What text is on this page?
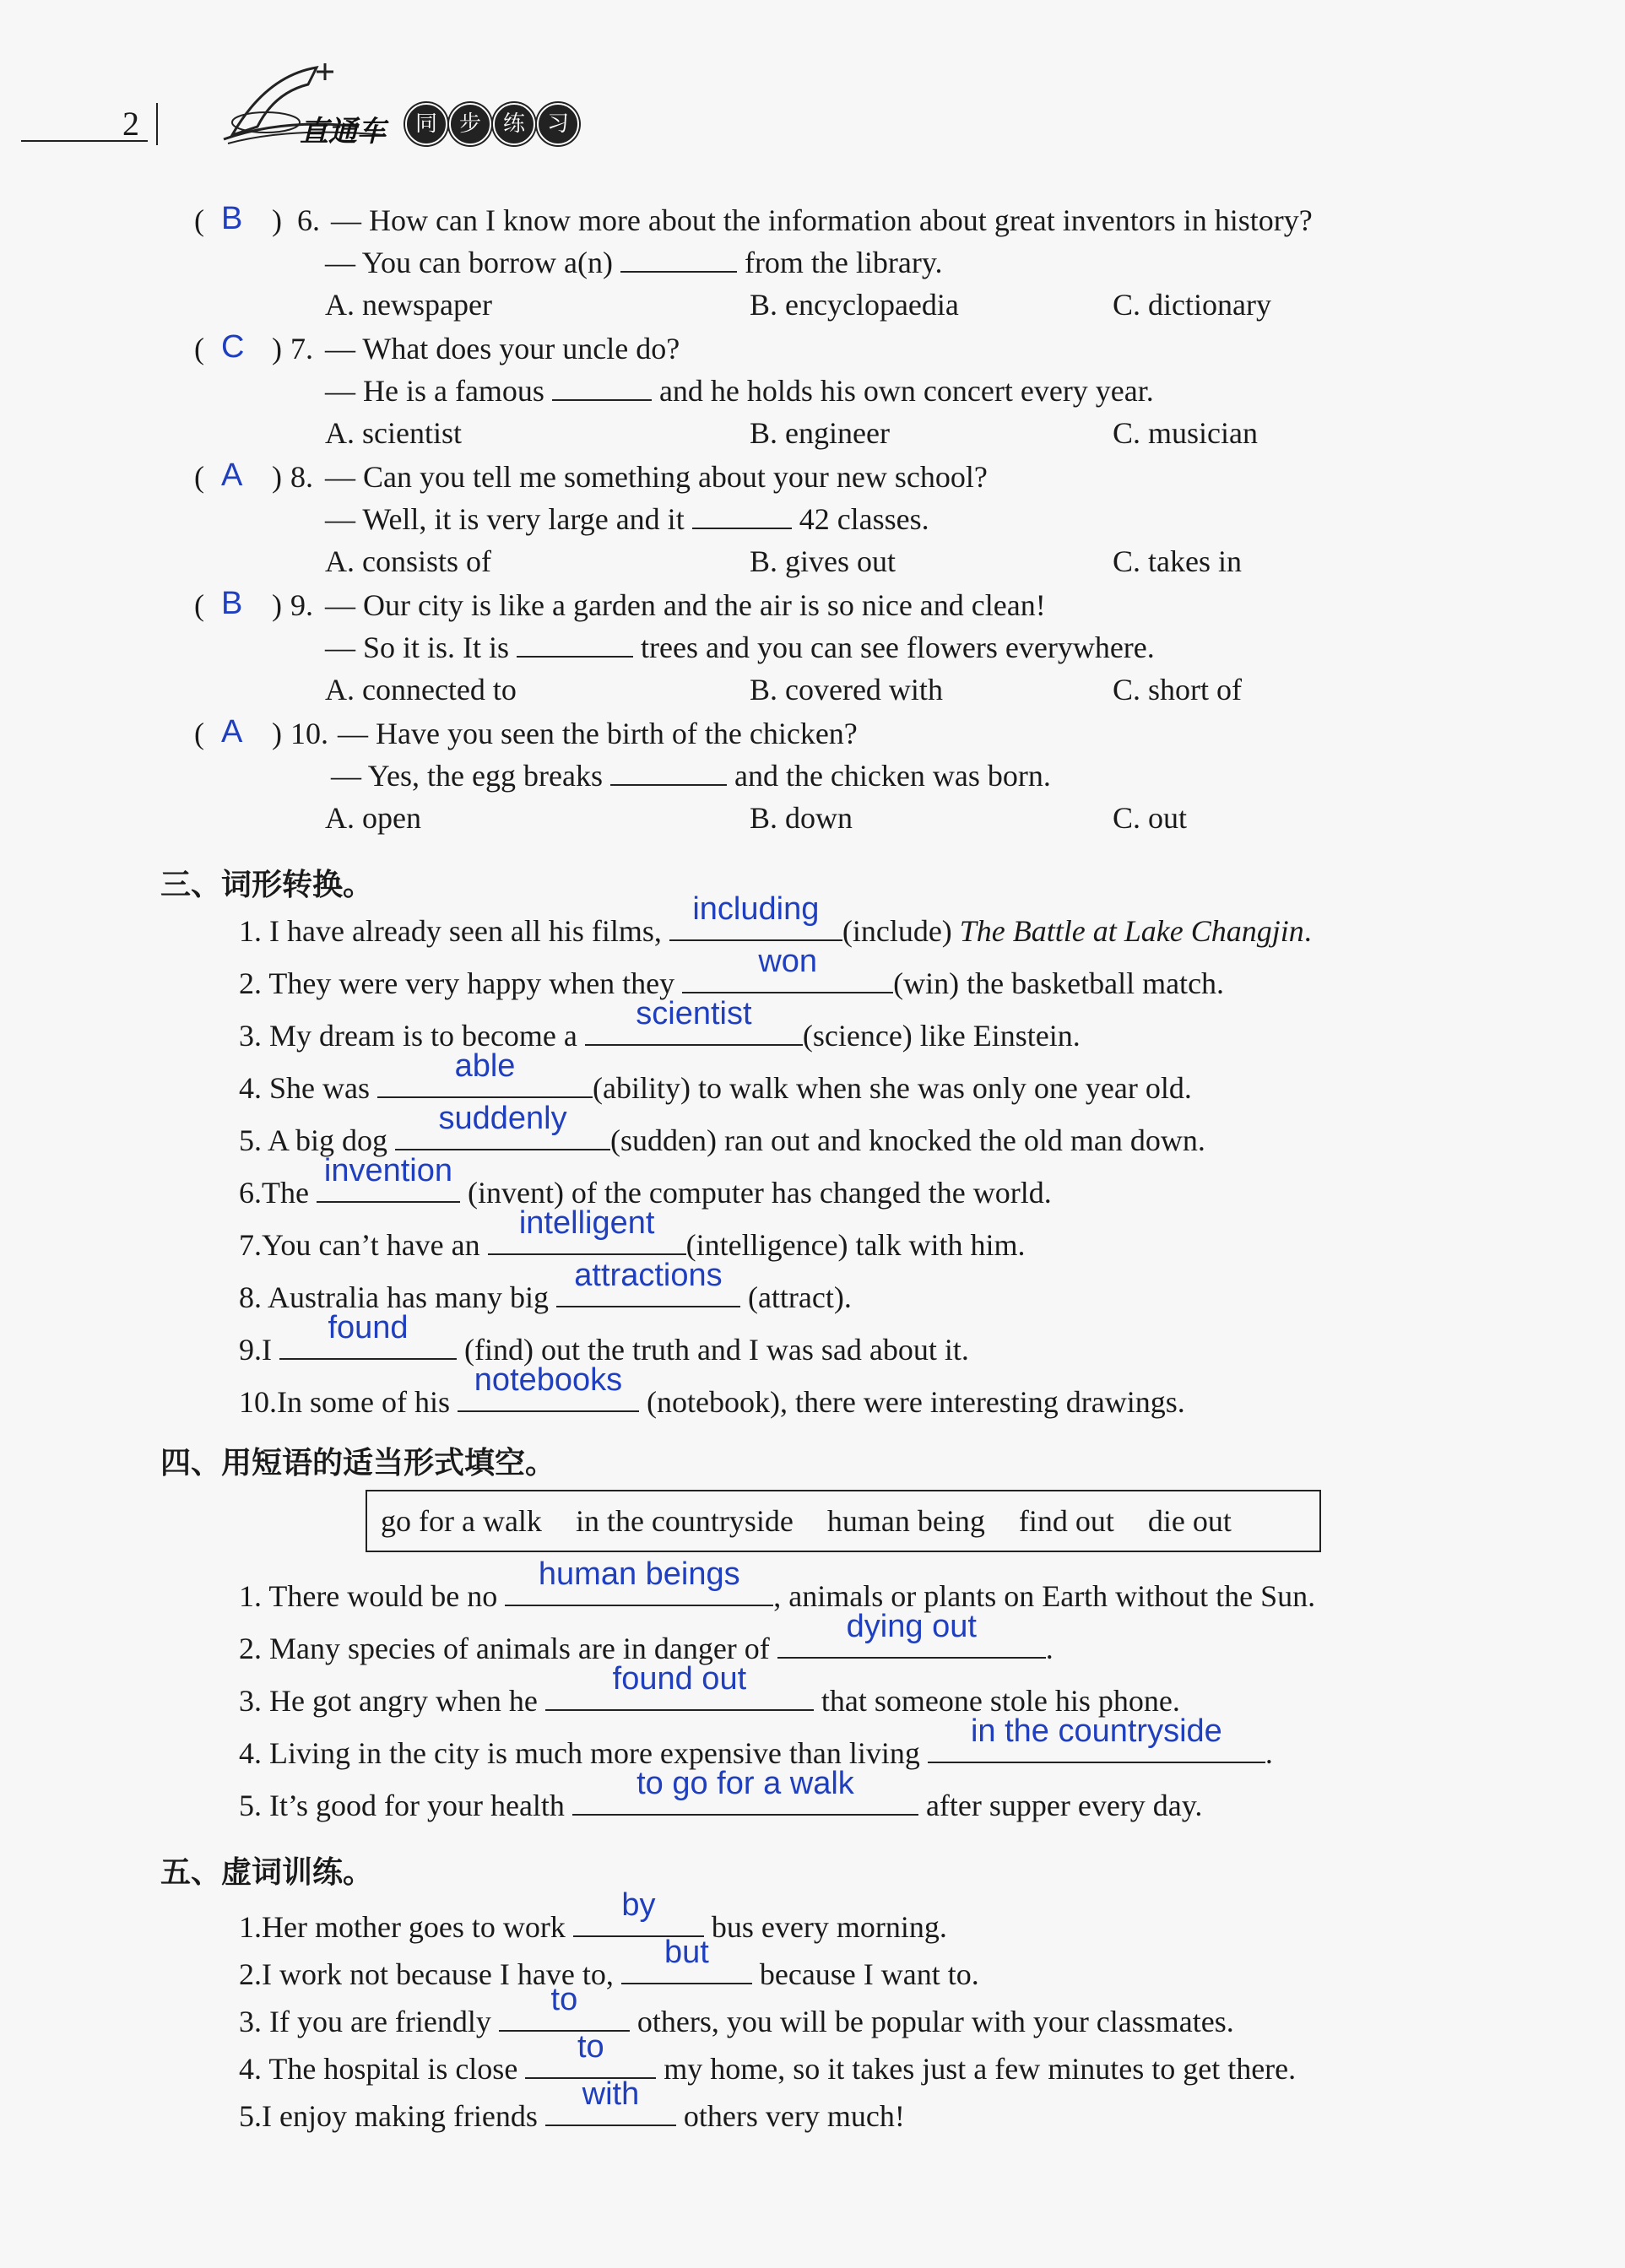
2	直通车	同 步 练 习
( B ) 6. — How can I know more about the information about great inventors in history?
— You can borrow a(n)	from the library.
A. newspaper	B. encyclopaedia	C. dictionary
( C ) 7. — What does your uncle do?
— He is a famous	and he holds his own concert every year.
A. scientist	B. engineer	C. musician
( A ) 8. — Can you tell me something about your new school?
— Well, it is very large and it	42 classes.
A. consists of	B. gives out	C. takes in
( B ) 9. — Our city is like a garden and the air is so nice and clean!
— So it is. It is	trees and you can see flowers everywhere.
A. connected to	B. covered with	C. short of
( A ) 10. — Have you seen the birth of the chicken?
— Yes, the egg breaks	and the chicken was born.
A. open	B. down	C. out
三、词形转换。
1. I have already seen all his films,
including
(include) The Battle at Lake Changjin.
2. They were very happy when they
won
(win) the basketball match.
3. My dream is to become a
scientist
(science) like Einstein.
4. She was
able
(ability) to walk when she was only one year old.
5. A big dog
suddenly
(sudden) ran out and knocked the old man down.
6.The
invention
(invent) of the computer has changed the world.
7.You can’t have an
intelligent
(intelligence) talk with him.
8. Australia has many big
attractions
(attract).
9.I
found
(find) out the truth and I was sad about it.
10.In some of his
notebooks
(notebook), there were interesting drawings.
四、用短语的适当形式填空。
go for a walk in the countryside human being find out die out
1. There would be no
human beings
, animals or plants on Earth without the Sun.
2. Many species of animals are in danger of
dying out
.
3. He got angry when he
found out
that someone stole his phone.
4. Living in the city is much more expensive than living
in the countryside
.
5. It’s good for your health
to go for a walk
after supper every day.
五、虚词训练。
1.Her mother goes to work
by
bus every morning.
2.I work not because I have to,
but
because I want to.
3. If you are friendly
to
others, you will be popular with your classmates.
4. The hospital is close
to
my home, so it takes just a few minutes to get there.
5.I enjoy making friends
with
others very much!
